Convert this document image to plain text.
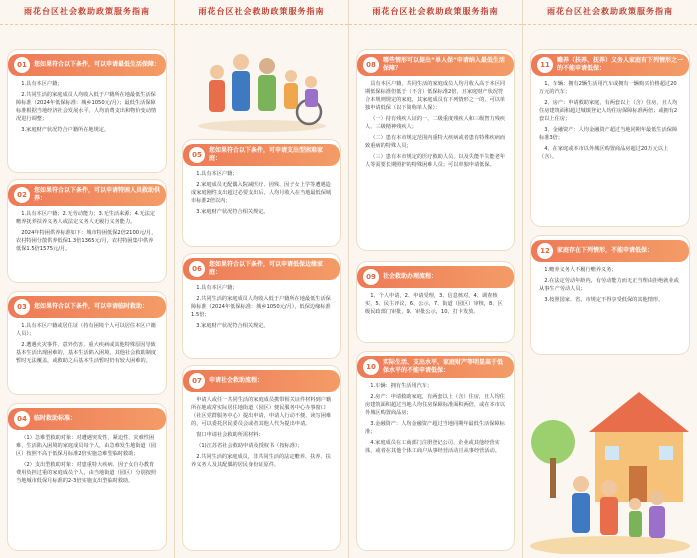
雨花台区社会救助政策服务指南
01	您如果符合以下条件，可以申请最低生活保障：

1.具有本区户籍；

2.共同生活的家庭成员人均收入低于户籍所在地最低生活保障标准（2024年低保标准：城乡1050元/月）；最低生活保障标准根据当地经济社会发展水平，人均消费支出和物价变动情况进行调整；

3.家庭财产状况符合户籍所在地规定。

02
您如果符合以下条件，可以申请特困人员救助供养：

1.具有本区户籍；2.无劳动能力；3.无生活来源；4.无法定赡养抚养扶养义务人或法定义务人无履行义务能力。

2024年特困供养标准如下：城市特困低保2倍2100元/月，农村特困分散供养低保1.3倍1365元/月，农村特困集中供养低保1.5倍1575元/月。

03	您如果符合以下条件，可以申请临时救助：

1.具有本区户籍或居住证（持有困境个人可以居住本区户籍人员）；

2.遭遇火灾事件、意外伤害、重大疾病或其他特殊原因导致基本生活出现困难的，基本生活陷入困境，其他社会救助制度暂时无法覆盖，或救助之后基本生活暂时仍有较大困难的。

04	临时救助标准：

（1）急难型救助对象：对遭遇突发性、紧迫性、灾难性困难，生活陷入困境的家庭成员每个人，由急难发生地街道（园区）按照不高于低保月标准2倍实施急难型临时救助；

（2）支出型救助对象：对患重特大疾病、因子女自办教育费用负担过重的家庭成员个人，由当地街道（园区）分别按照当地城市低保月标准的2-3倍实施支出型临时救助。

雨花台区社会救助政策服务指南
05
您如果符合以下条件，可申请支出型困难家庭：

1.具有本区户籍；

2.家庭成员无配偶入院减医疗、因残、因子女上学等遭遇造成家庭刚性支出超过必要支出后，人均月收入在当地最低保城市标准2倍以内；

3.家庭财产状况符合相关规定。

06
您如果符合以下条件，可以申请低保边缘家庭：

1.具有本区户籍；

2.共同生活的家庭成员人均收入低于户籍所在地最低生活保障标准（2024年低保标准：城乡1050元/月），低保边缘标准1.5倍；

3.家庭财产状况符合相关规定。

07	申请社会救助流程：

申请人或任一共同生活的家庭成员携带相关证件材料到户籍所在地或常实际居住地街道（园区）便民服务中心办事窗口（社区党群服务中心）提出申请，申请人行动不便、读写困难的，可以委托居民委员会或者其他人代为提出申请。

窗口申请社会救助所需材料：

（1)江苏省社会救助申请及授权书（按标准）；

2.共同生活的家庭成员，非共同生活的法定赡养、扶养、扶养义务人及其配偶的居民身份证原件。

雨花台区社会救助政策服务指南
08
哪些情形可以提出“单人保”申请纳入最低生活保障？

具有本区户籍，共同生活的家庭成员人均月收入高于本区同期低保标准但低于（不含）低保标准2倍，且家庭财产状况符合本规则规定的家庭，其家庭成员有下列情形之一的，可以单独申请低保（以下简称单人保）：

（一）持有残疾人证的一、二级重度残疾人和三级智力残疾人、三级精神残疾人；

（二）患有本市规定范围内重特大疾病或者患有特殊疾病而致重病的特殊人员；

（三）患有本市规定的医疗救助人员，以及失能半失能老年人等需要长期照护的特殊困难人员；可以单独申请低保。

09	社会救助办理流程：

1、个人申请，2、申请受理，3、信息核对，4、调查核实，5、民主评议，6、公示，7、街道（园区）审核，8、区级民政部门审批，9、审批公示，10、打卡发放。

10
实际生活、支出水平、家庭财产等明显高于低保水平的不能申请低保：

1.车辆：拥有生活用汽车；

2.房产：申请救助家庭，有两套以上（含）住房，且人均住房建筑面积超过当地人均住房保障标准面积两倍，或在本市以外城区购置商品房；

3.金融资产：人均金融资产超过当地同期年最低生活保障标准；

4.家庭成员在工商部门注册登记公司、企业或其他经营实体，或者在其他个体工商户从事经营活动且从事经营活动。

雨花台区社会救助政策服务指南
11
赡养（扶养、抚养）义务人家庭有下列情形之一的不能申请低保：

1、车辆：拥有2辆生活用汽车或拥有一辆购买价格超过20万元的汽车；

2、房产：申请救助家庭，有两套以上（含）住房，且人均住房建筑面积超过城镇登记人均住房保障标准两倍；或拥有2套以上住房；

3、金融资产：人均金融资产超过当地同期年最低生活保障标准3倍；

4、在家庭或本市以外城区购置商品房超过20万元以上（含）。

12	家庭存在下列情形，不能申请低保：

1.赡养义务人不履行赡养义务；

2.在法定劳动年龄内，有劳动能力而无正当理由拒绝就业或从事生产劳动人员；

3.按照国家、省、市规定不得享受低保的其他情形。
